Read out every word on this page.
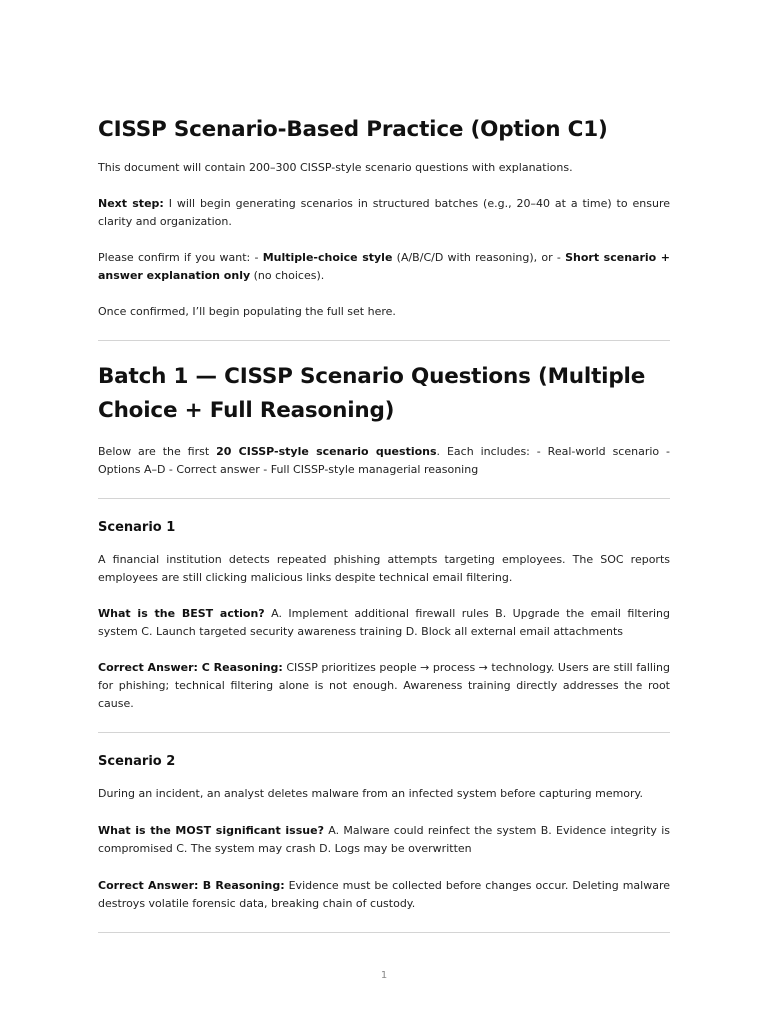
CISSP Scenario-Based Practice (Option C1)

This document will contain 200–300 CISSP-style scenario questions with explanations.

Next step: I will begin generating scenarios in structured batches (e.g., 20–40 at a time) to ensure clarity and organization.

Please confirm if you want: - Multiple-choice style (A/B/C/D with reasoning), or - Short scenario + answer explanation only (no choices).

Once confirmed, I’ll begin populating the full set here.

Batch 1 — CISSP Scenario Questions (Multiple Choice + Full Reasoning)

Below are the first 20 CISSP-style scenario questions. Each includes: - Real-world scenario - Options A–D - Correct answer - Full CISSP-style managerial reasoning

Scenario 1

A financial institution detects repeated phishing attempts targeting employees. The SOC reports employees are still clicking malicious links despite technical email filtering.

What is the BEST action? A. Implement additional firewall rules B. Upgrade the email filtering system C. Launch targeted security awareness training D. Block all external email attachments

Correct Answer: C Reasoning: CISSP prioritizes people → process → technology. Users are still falling for phishing; technical filtering alone is not enough. Awareness training directly addresses the root cause.

Scenario 2

During an incident, an analyst deletes malware from an infected system before capturing memory.

What is the MOST significant issue? A. Malware could reinfect the system B. Evidence integrity is compromised C. The system may crash D. Logs may be overwritten

Correct Answer: B Reasoning: Evidence must be collected before changes occur. Deleting malware destroys volatile forensic data, breaking chain of custody.

1
